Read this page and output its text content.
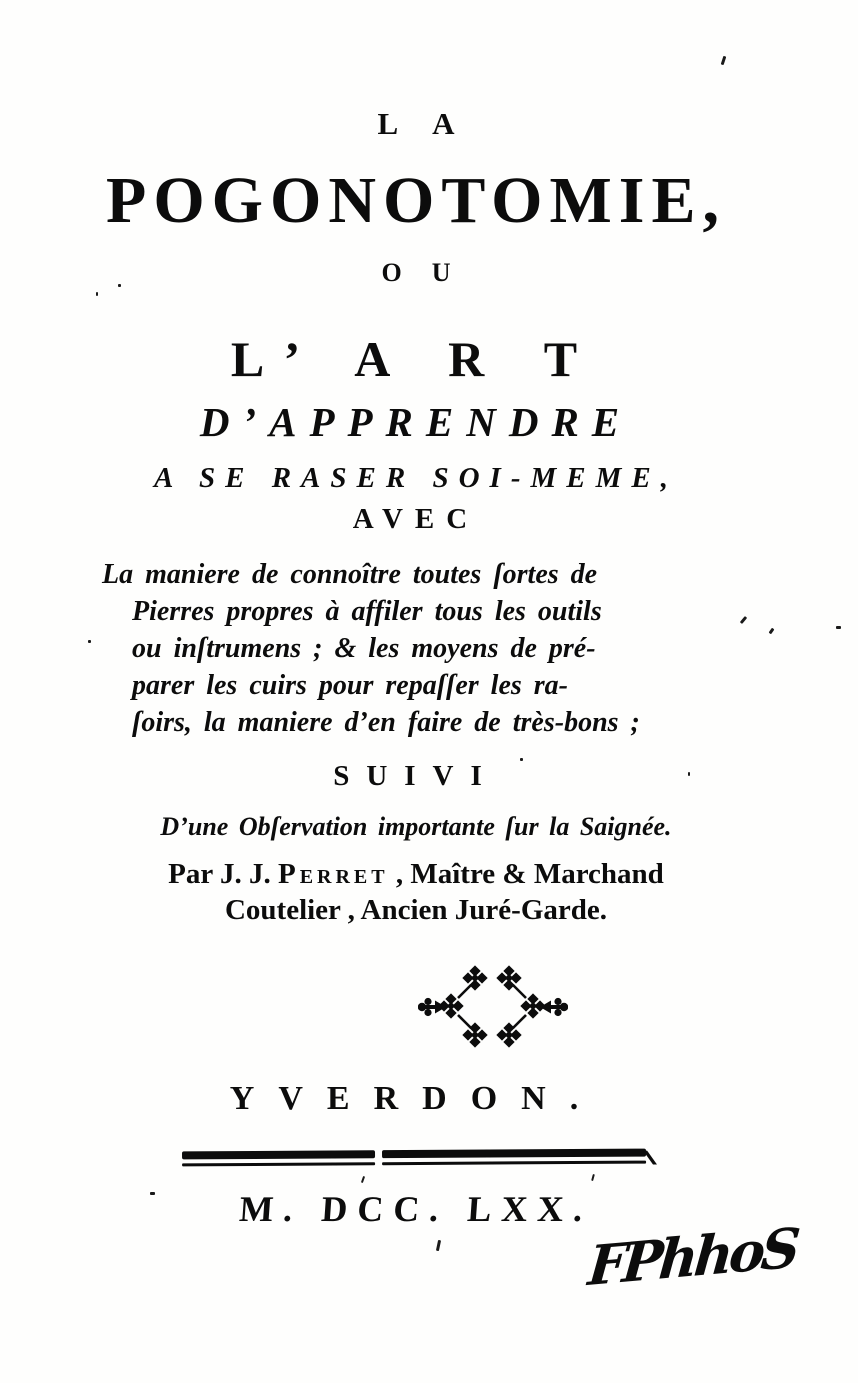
LA
POGONOTOMIE,
OU
L’ A R T
D’APPRENDRE
A SE RASER SOI-MEME,
AVEC
La maniere de connoître toutes ſortes de
Pierres propres à affiler tous les outils
ou inſtrumens ; & les moyens de pré-
parer les cuirs pour repaſſer les ra-
ſoirs, la maniere d’en faire de très-bons ;
SUIVI
D’une Obſervation importante ſur la Saignée.
Par J. J. Perret , Maître & Marchand
Coutelier , Ancien Juré-Garde.
YVERDON.
M. DCC. LXX.
FPhhoS
